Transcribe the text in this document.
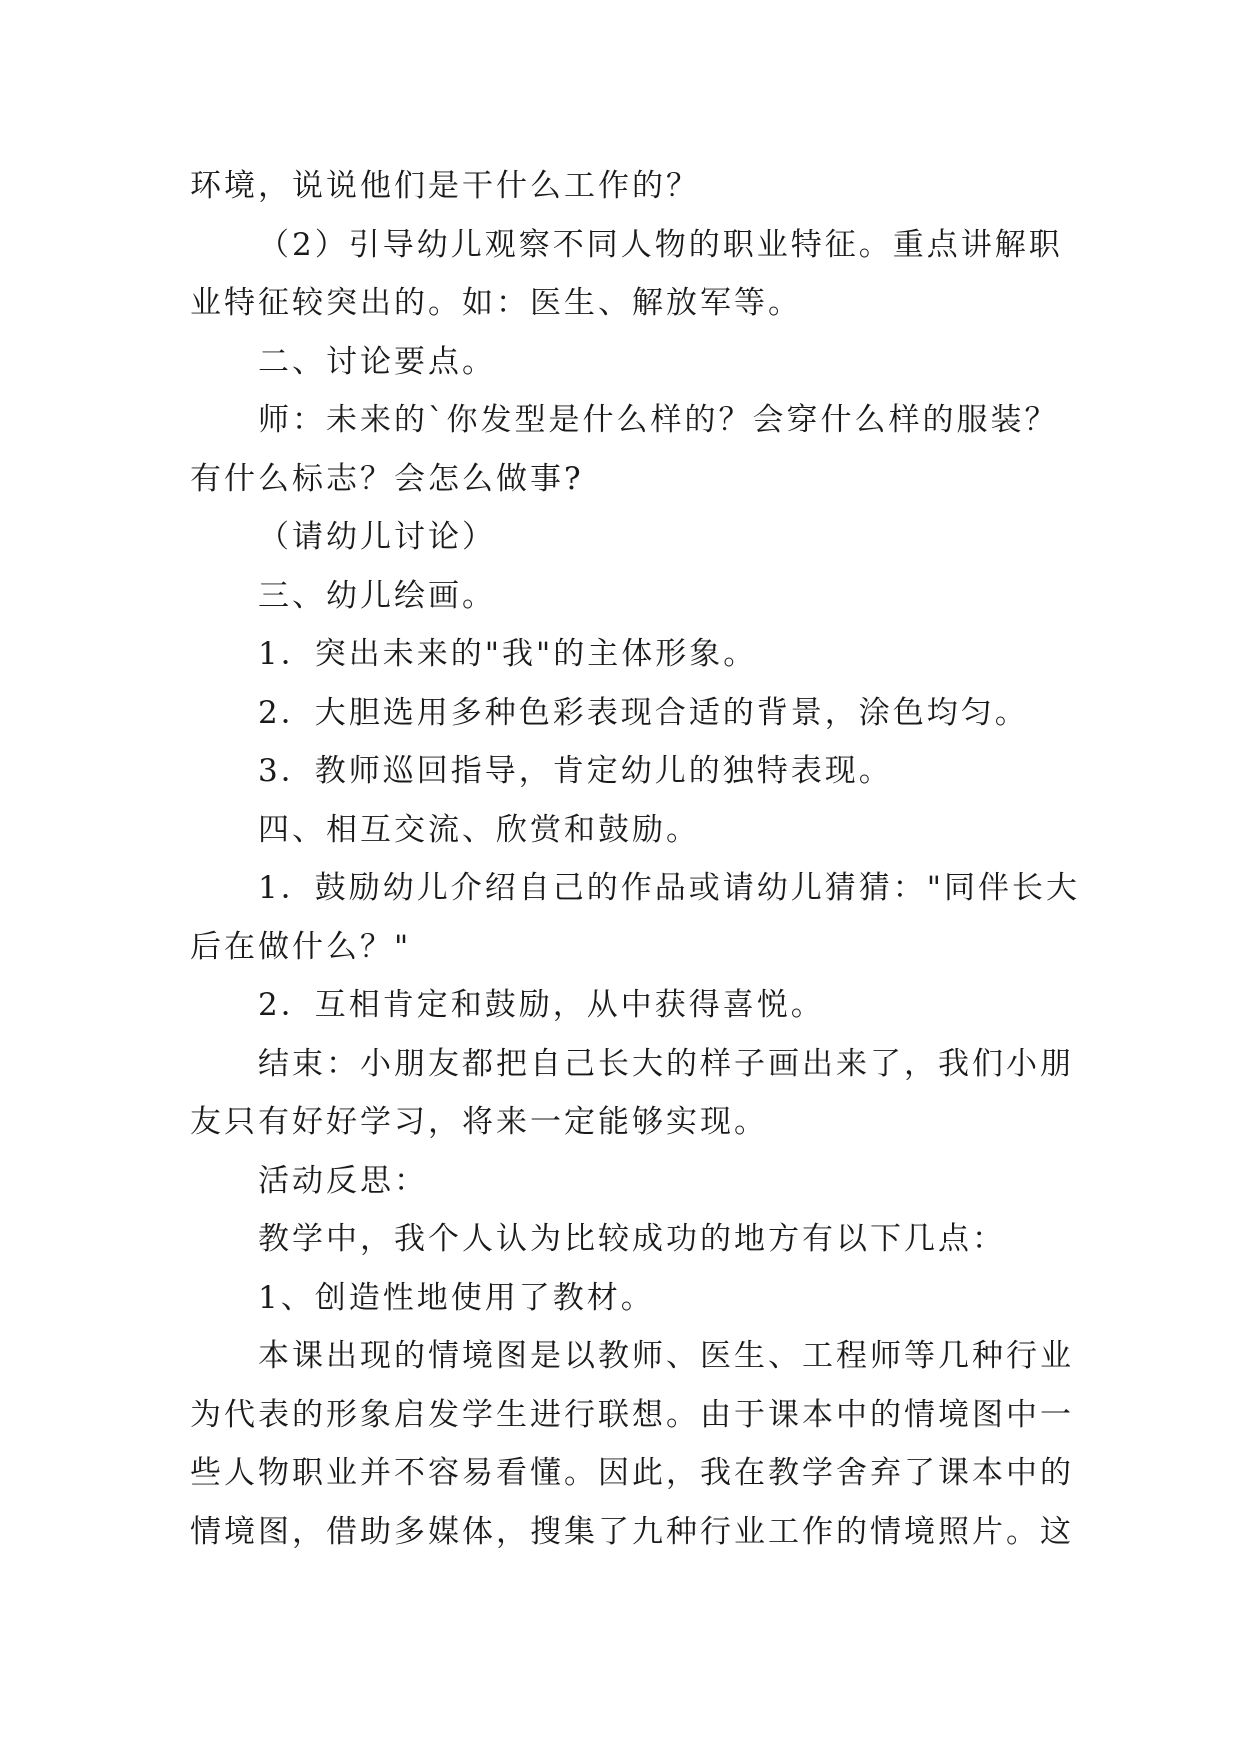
环境，说说他们是干什么工作的？
（2）引导幼儿观察不同人物的职业特征。重点讲解职
业特征较突出的。如：医生、解放军等。
二、讨论要点。
师：未来的`你发型是什么样的？会穿什么样的服装？
有什么标志？会怎么做事?
（请幼儿讨论）
三、幼儿绘画。
1．突出未来的"我"的主体形象。
2．大胆选用多种色彩表现合适的背景，涂色均匀。
3．教师巡回指导，肯定幼儿的独特表现。
四、相互交流、欣赏和鼓励。
1．鼓励幼儿介绍自己的作品或请幼儿猜猜："同伴长大
后在做什么？"
2．互相肯定和鼓励，从中获得喜悦。
结束：小朋友都把自己长大的样子画出来了，我们小朋
友只有好好学习，将来一定能够实现。
活动反思：
教学中，我个人认为比较成功的地方有以下几点：
1、创造性地使用了教材。
本课出现的情境图是以教师、医生、工程师等几种行业
为代表的形象启发学生进行联想。由于课本中的情境图中一
些人物职业并不容易看懂。因此，我在教学舍弃了课本中的
情境图，借助多媒体，搜集了九种行业工作的情境照片。这
